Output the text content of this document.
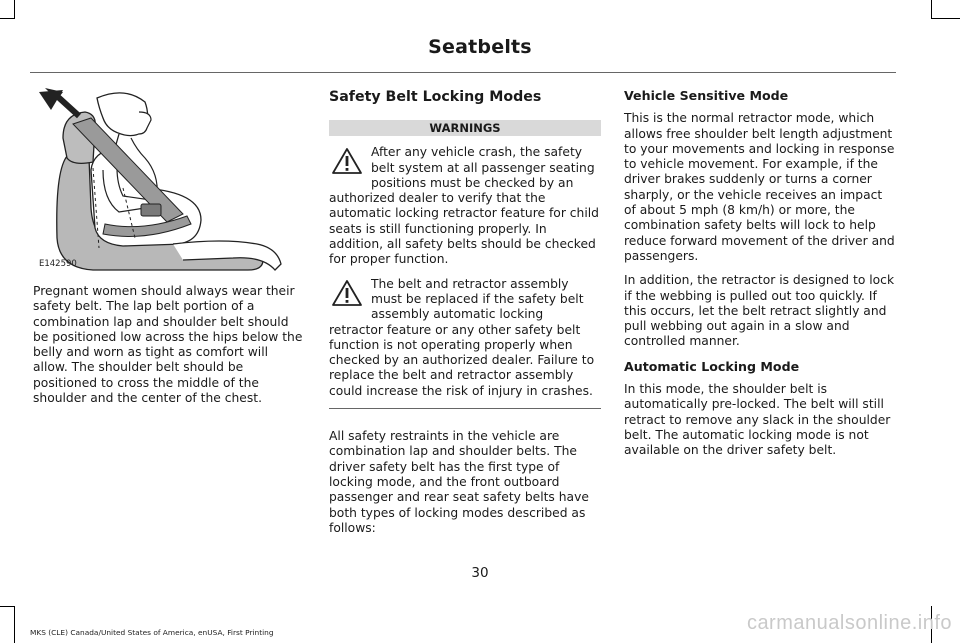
Seatbelts
E142590

Pregnant women should always wear their safety belt. The lap belt portion of a combination lap and shoulder belt should be positioned low across the hips below the belly and worn as tight as comfort will allow. The shoulder belt should be positioned to cross the middle of the shoulder and the center of the chest.

Safety Belt Locking Modes
WARNINGS

After any vehicle crash, the safety belt system at all passenger seating positions must be checked by an authorized dealer to verify that the automatic locking retractor feature for child seats is still functioning properly. In addition, all safety belts should be checked for proper function.

The belt and retractor assembly must be replaced if the safety belt assembly automatic locking retractor feature or any other safety belt function is not operating properly when checked by an authorized dealer. Failure to replace the belt and retractor assembly could increase the risk of injury in crashes.

All safety restraints in the vehicle are combination lap and shoulder belts. The driver safety belt has the first type of locking mode, and the front outboard passenger and rear seat safety belts have both types of locking modes described as follows:

Vehicle Sensitive Mode

This is the normal retractor mode, which allows free shoulder belt length adjustment to your movements and locking in response to vehicle movement. For example, if the driver brakes suddenly or turns a corner sharply, or the vehicle receives an impact of about 5 mph (8 km/h) or more, the combination safety belts will lock to help reduce forward movement of the driver and passengers.

In addition, the retractor is designed to lock if the webbing is pulled out too quickly. If this occurs, let the belt retract slightly and pull webbing out again in a slow and controlled manner.

Automatic Locking Mode

In this mode, the shoulder belt is automatically pre-locked. The belt will still retract to remove any slack in the shoulder belt. The automatic locking mode is not available on the driver safety belt.

30
MKS (CLE) Canada/United States of America, enUSA, First Printing	carmanualsonline.info
